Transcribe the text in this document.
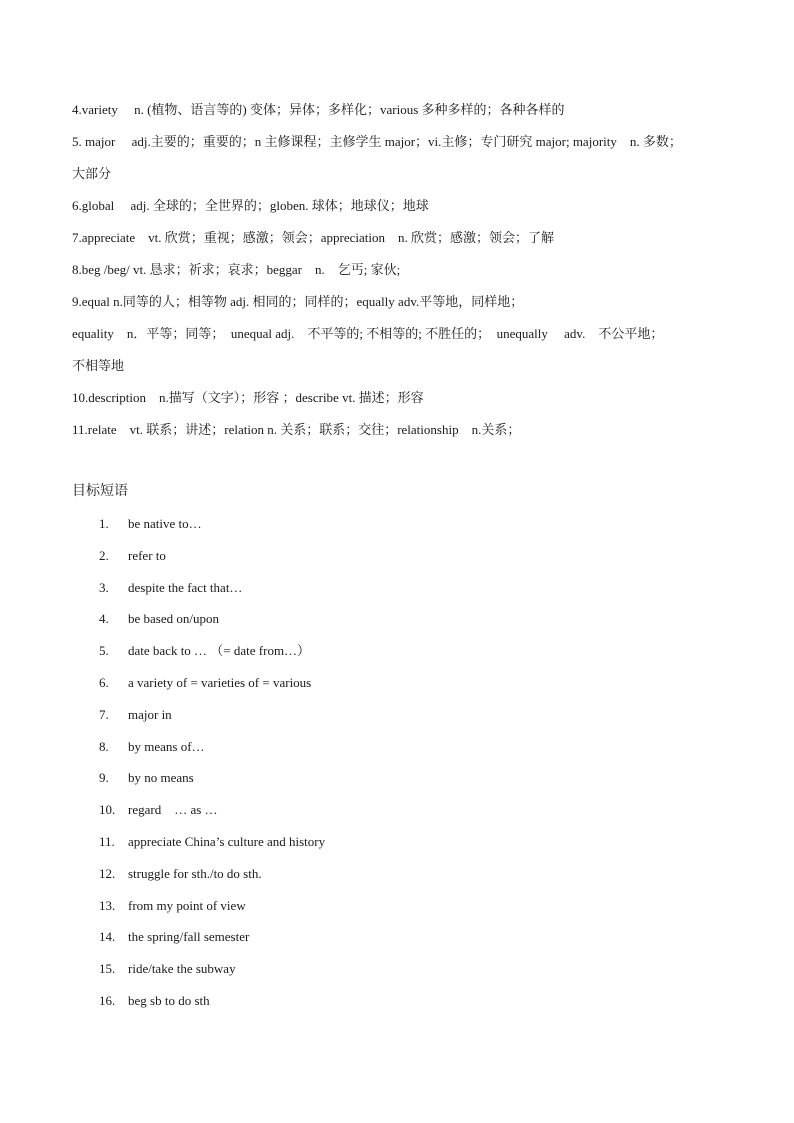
4.variety　 n. (植物、语言等的) 变体；异体；多样化；various 多种多样的；各种各样的
5. major　 adj.主要的；重要的；n 主修课程；主修学生 major；vi.主修；专门研究 major; majority　n. 多数；
大部分
6.global　 adj. 全球的；全世界的；globen. 球体；地球仪；地球
7.appreciate　vt. 欣赏；重视；感激；领会；appreciation　n. 欣赏；感激；领会；了解
8.beg /beg/ vt. 恳求；祈求；哀求；beggar　n.　乞丐; 家伙;
9.equal n.同等的人；相等物 adj. 相同的；同样的；equally adv.平等地，同样地；
equality　n．平等；同等；　unequal adj.　不平等的; 不相等的; 不胜任的；　unequally　 adv.　不公平地；
不相等地
10.description　n.描写（文字）；形容 ；describe vt. 描述；形容
11.relate　vt. 联系；讲述；relation n. 关系；联系；交往；relationship　n.关系；
目标短语
1. be native to…
2. refer to
3. despite the fact that…
4. be based on/upon
5. date back to … （= date from…）
6. a variety of = varieties of = various
7. major in
8. by means of…
9. by no means
10. regard　… as …
11. appreciate China’s culture and history
12. struggle for sth./to do sth.
13. from my point of view
14. the spring/fall semester
15. ride/take the subway
16. beg sb to do sth
